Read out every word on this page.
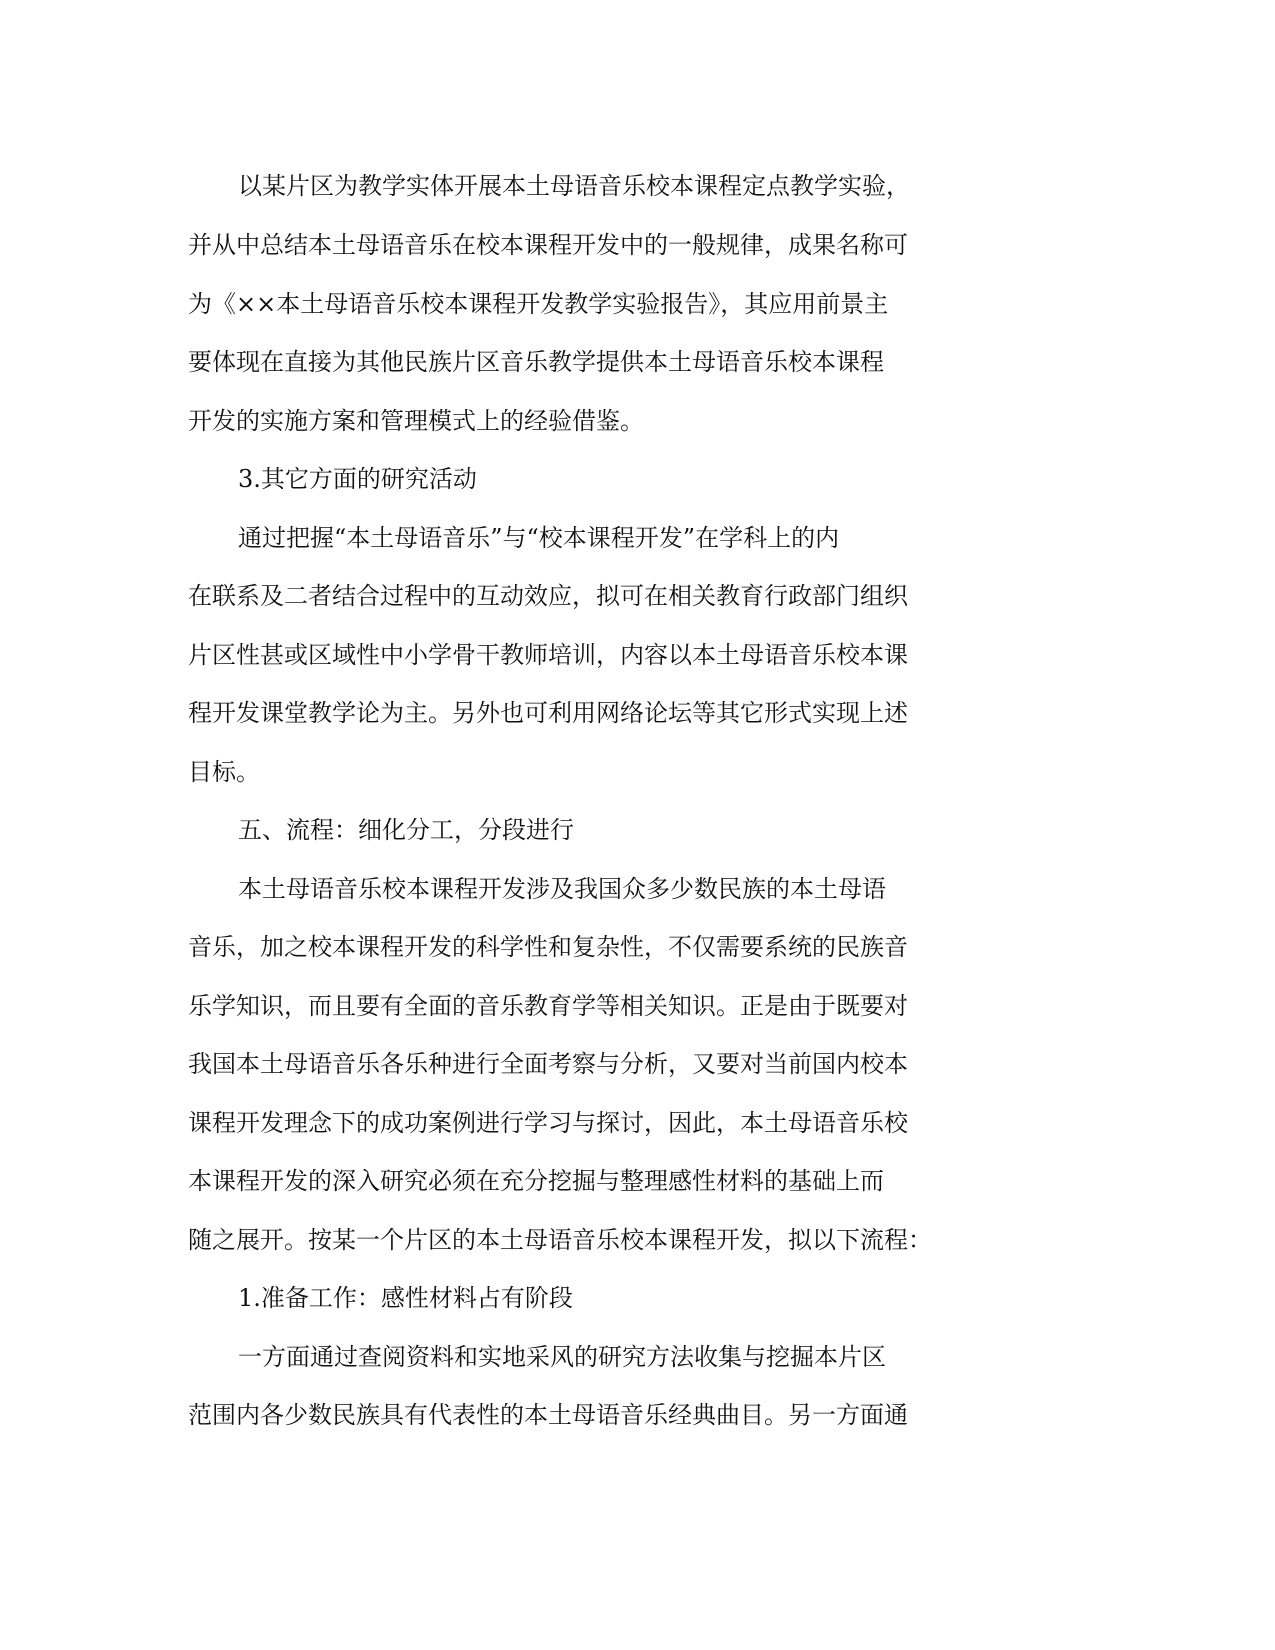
以某片区为教学实体开展本土母语音乐校本课程定点教学实验，
并从中总结本土母语音乐在校本课程开发中的一般规律，成果名称可
为《××本土母语音乐校本课程开发教学实验报告》，其应用前景主
要体现在直接为其他民族片区音乐教学提供本土母语音乐校本课程
开发的实施方案和管理模式上的经验借鉴。
3.其它方面的研究活动
通过把握“本土母语音乐”与“校本课程开发”在学科上的内
在联系及二者结合过程中的互动效应，拟可在相关教育行政部门组织
片区性甚或区域性中小学骨干教师培训，内容以本土母语音乐校本课
程开发课堂教学论为主。另外也可利用网络论坛等其它形式实现上述
目标。
五、流程：细化分工，分段进行
本土母语音乐校本课程开发涉及我国众多少数民族的本土母语
音乐，加之校本课程开发的科学性和复杂性，不仅需要系统的民族音
乐学知识，而且要有全面的音乐教育学等相关知识。正是由于既要对
我国本土母语音乐各乐种进行全面考察与分析，又要对当前国内校本
课程开发理念下的成功案例进行学习与探讨，因此，本土母语音乐校
本课程开发的深入研究必须在充分挖掘与整理感性材料的基础上而
随之展开。按某一个片区的本土母语音乐校本课程开发，拟以下流程：
1.准备工作：感性材料占有阶段
一方面通过查阅资料和实地采风的研究方法收集与挖掘本片区
范围内各少数民族具有代表性的本土母语音乐经典曲目。另一方面通
